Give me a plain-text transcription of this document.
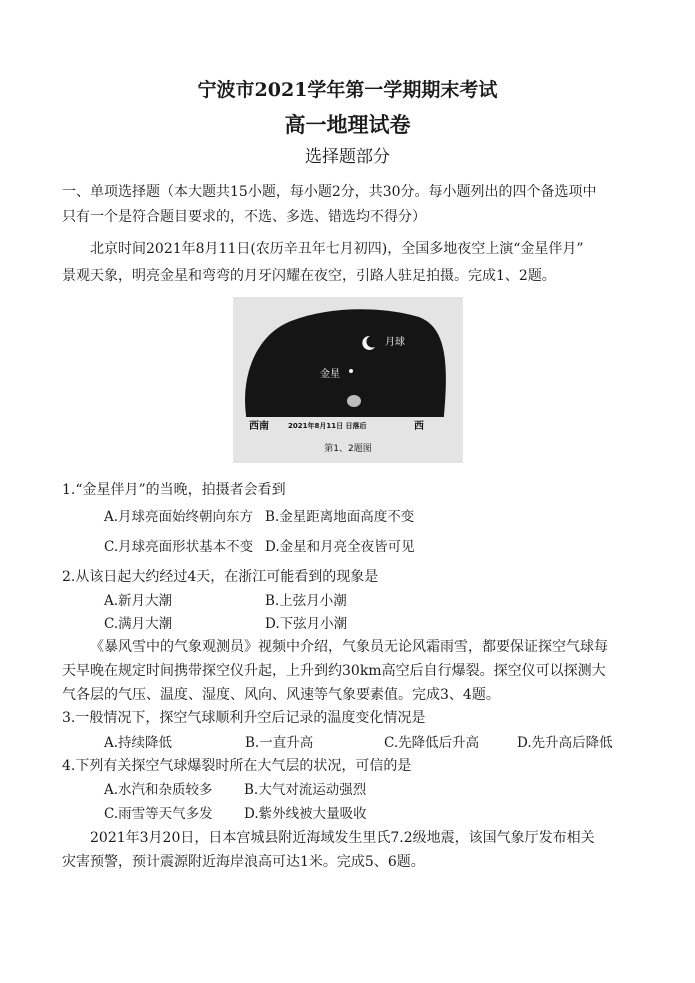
宁波市2021学年第一学期期末考试
高一地理试卷
选择题部分
一、单项选择题（本大题共15小题，每小题2分，共30分。每小题列出的四个备选项中
只有一个是符合题目要求的，不选、多选、错选均不得分）
北京时间2021年8月11日(农历辛丑年七月初四)，全国多地夜空上演“金星伴月”
景观天象，明亮金星和弯弯的月牙闪耀在夜空，引路人驻足拍摄。完成1、2题。
月球
金星
西南	2021年8月11日 日落后	西
第1、2题图
1.“金星伴月”的当晚，拍摄者会看到
A.月球亮面始终朝向东方 B.金星距离地面高度不变
C.月球亮面形状基本不变 D.金星和月亮全夜皆可见
2.从该日起大约经过4天，在浙江可能看到的现象是
A.新月大潮	B.上弦月小潮
C.满月大潮	D.下弦月小潮
《暴风雪中的气象观测员》视频中介绍，气象员无论风霜雨雪，都要保证探空气球每
天早晚在规定时间携带探空仪升起，上升到约30km高空后自行爆裂。探空仪可以探测大
气各层的气压、温度、湿度、风向、风速等气象要素值。完成3、4题。
3.一般情况下，探空气球顺利升空后记录的温度变化情况是
A.持续降低	B.一直升高	C.先降低后升高	D.先升高后降低
4.下列有关探空气球爆裂时所在大气层的状况，可信的是
A.水汽和杂质较多 B.大气对流运动强烈
C.雨雪等天气多发 D.紫外线被大量吸收
2021年3月20日，日本宫城县附近海域发生里氏7.2级地震，该国气象厅发布相关
灾害预警，预计震源附近海岸浪高可达1米。完成5、6题。
